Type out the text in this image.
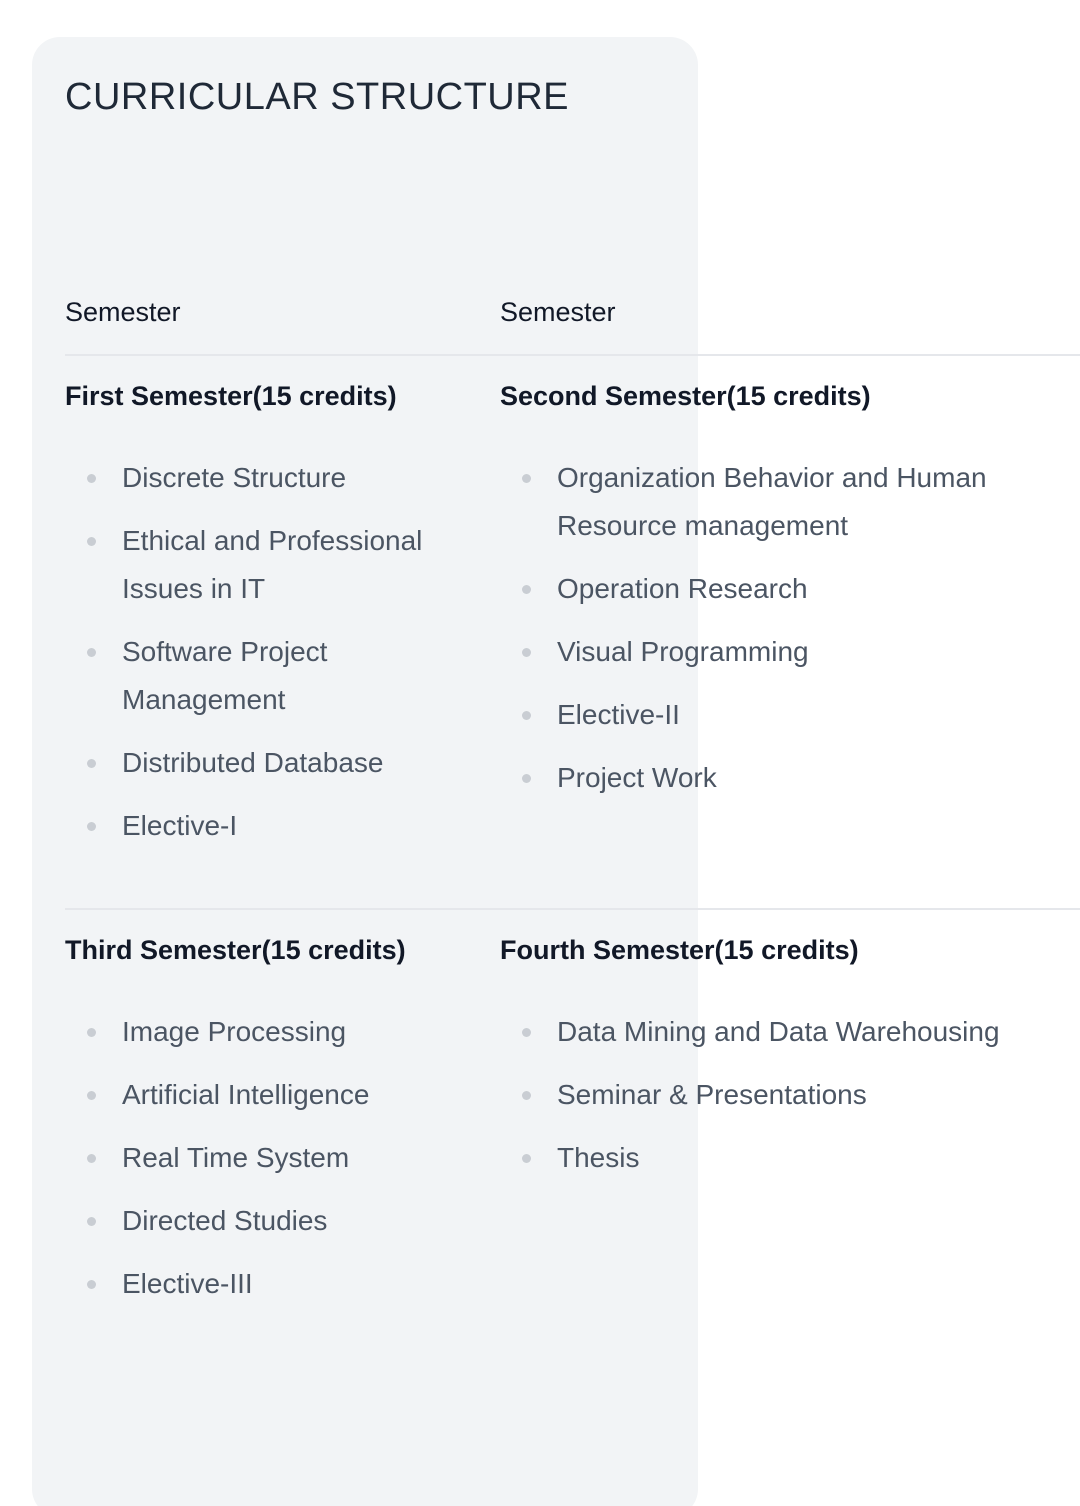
CURRICULAR STRUCTURE
Semester	Semester
First Semester(15 credits)
Discrete Structure
Ethical and Professional Issues in IT
Software Project Management
Distributed Database
Elective-I
Second Semester(15 credits)
Organization Behavior and Human Resource management
Operation Research
Visual Programming
Elective-II
Project Work
Third Semester(15 credits)
Image Processing
Artificial Intelligence
Real Time System
Directed Studies
Elective-III
Fourth Semester(15 credits)
Data Mining and Data Warehousing
Seminar & Presentations
Thesis
